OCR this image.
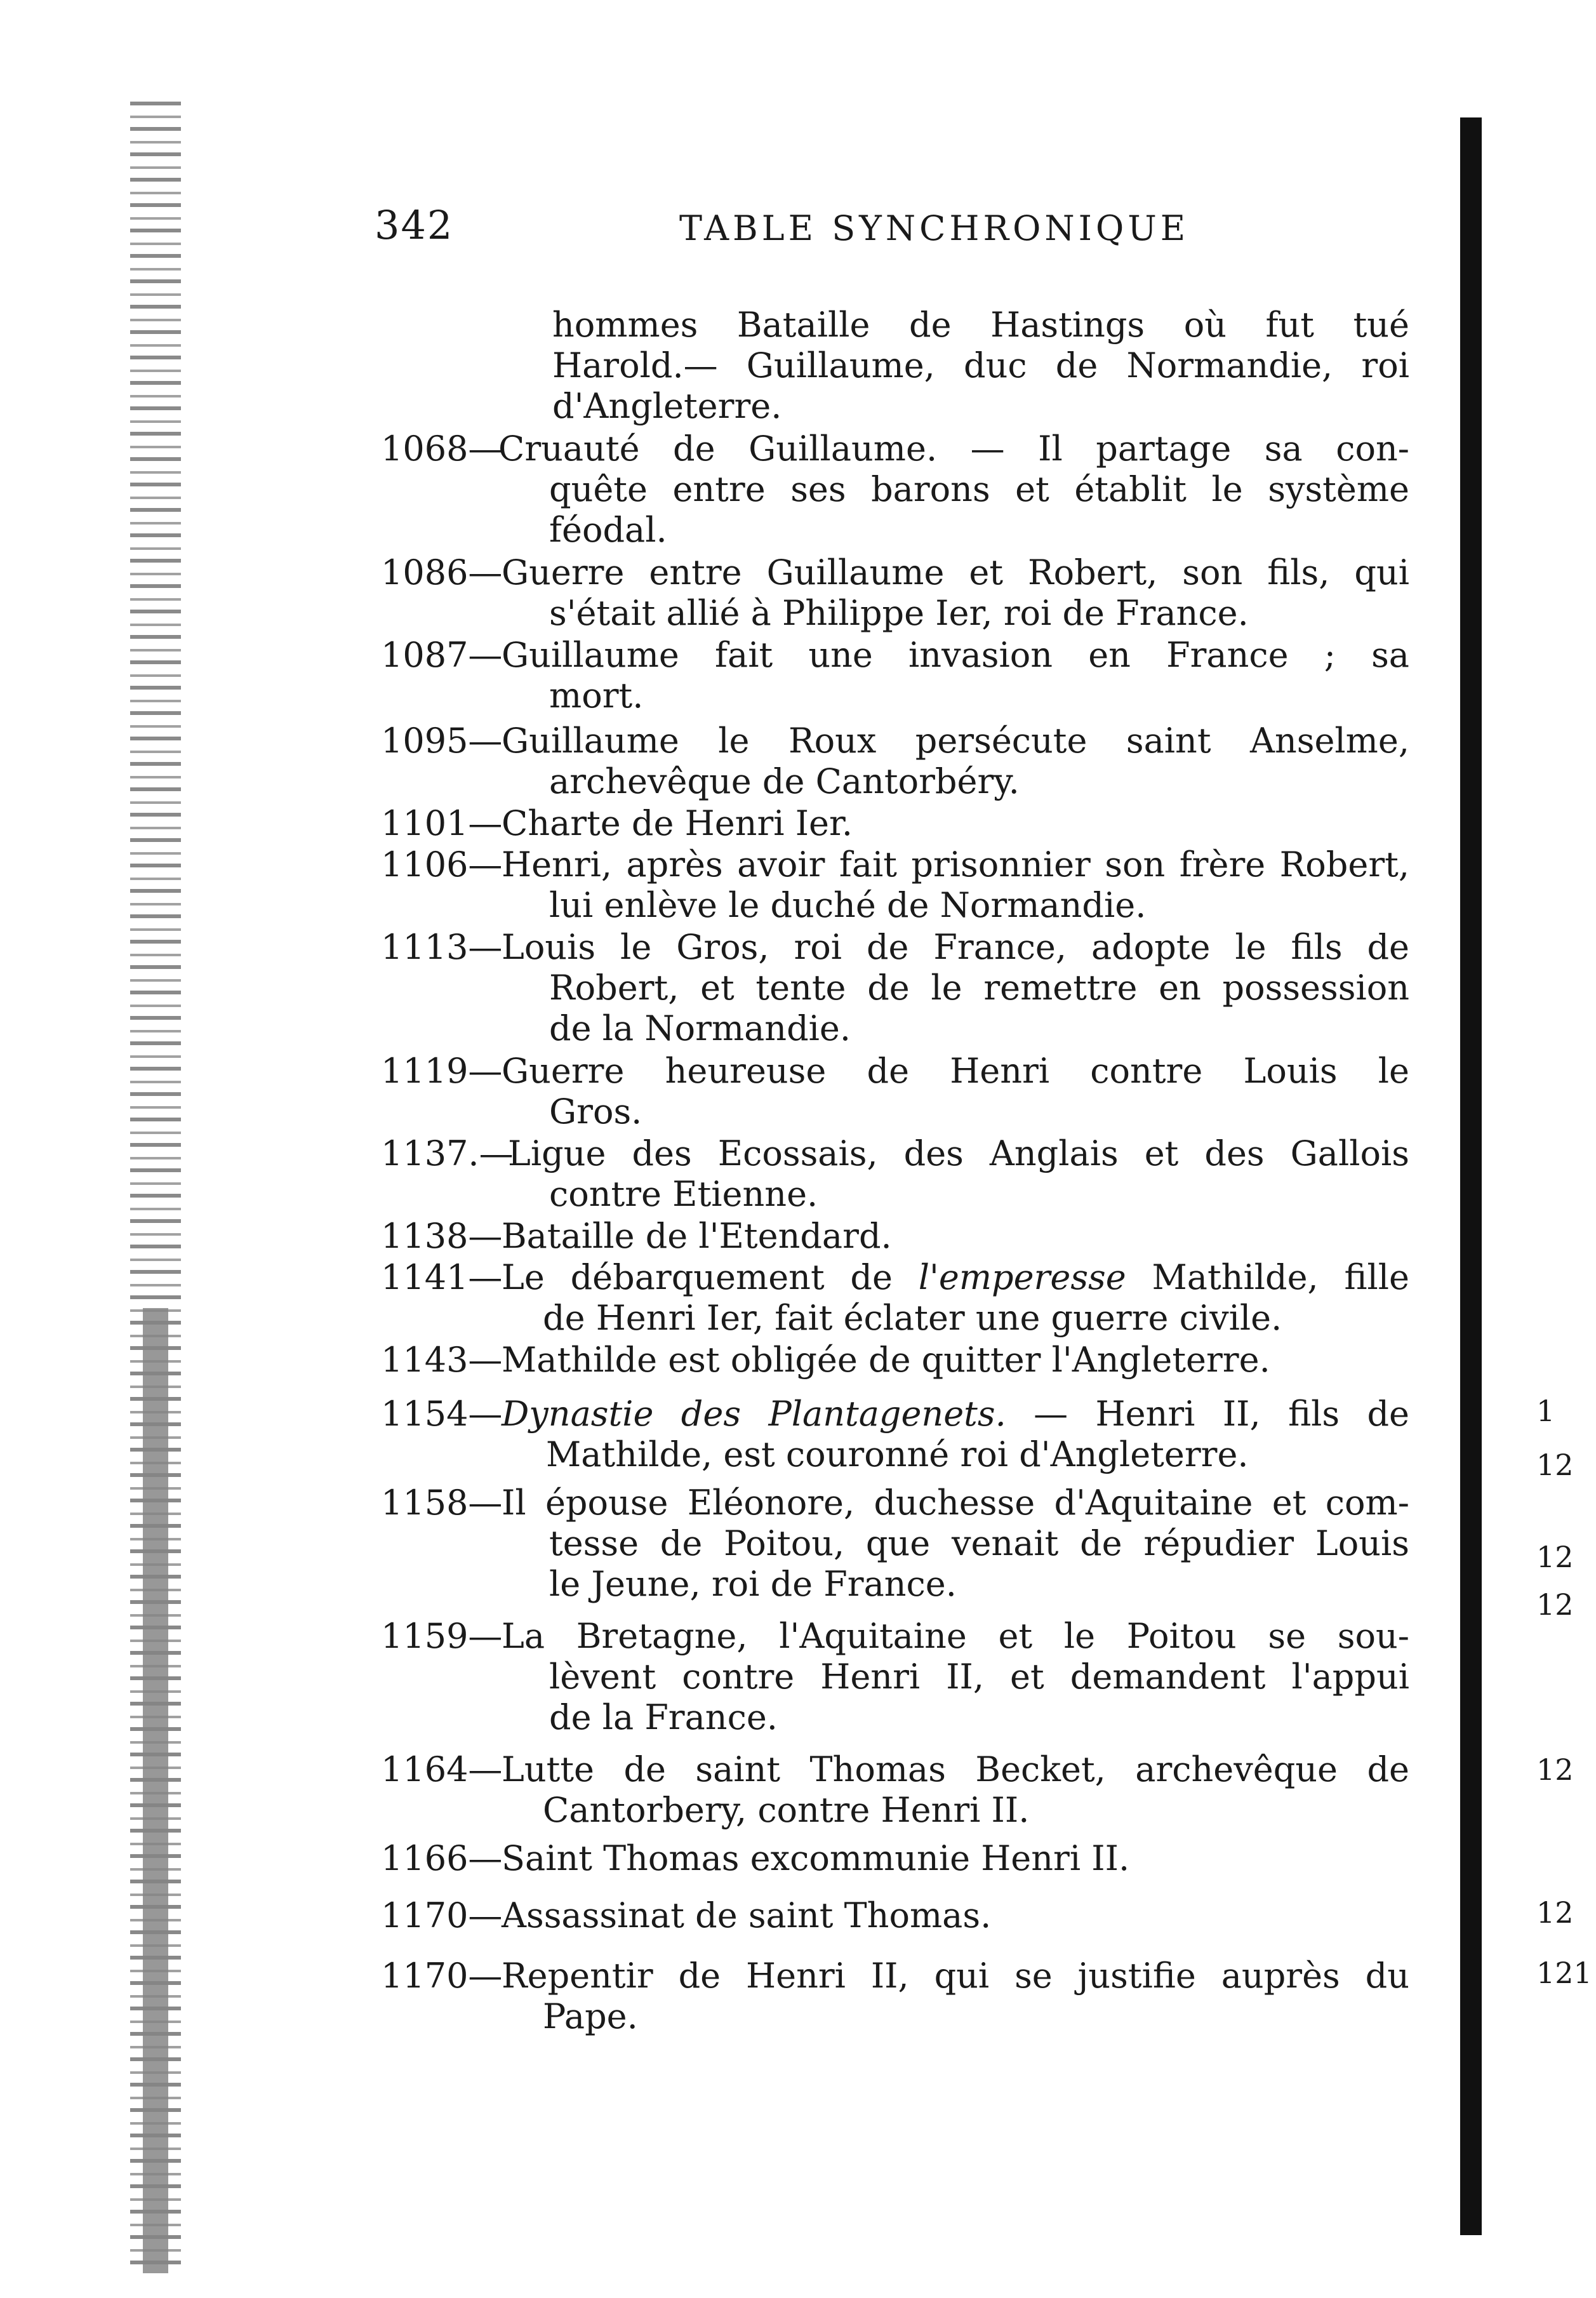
342	TABLE SYNCHRONIQUE
hommes Bataille de Hastings où fut tué
Harold.— Guillaume, duc de Normandie, roi
d'Angleterre.
1068—
Cruauté de Guillaume. — Il partage sa con-
quête entre ses barons et établit le système
féodal.
1086—
Guerre entre Guillaume et Robert, son fils, qui
s'était allié à Philippe Ier, roi de France.
1087—
Guillaume fait une invasion en France ; sa
mort.
1095—
Guillaume le Roux persécute saint Anselme,
archevêque de Cantorbéry.
1101—
Charte de Henri Ier.
1106—
Henri, après avoir fait prisonnier son frère Robert,
lui enlève le duché de Normandie.
1113—
Louis le Gros, roi de France, adopte le fils de
Robert, et tente de le remettre en possession
de la Normandie.
1119—
Guerre heureuse de Henri contre Louis le
Gros.
1137.—
Ligue des Ecossais, des Anglais et des Gallois
contre Etienne.
1138—
Bataille de l'Etendard.
1141—
Le débarquement de l'emperesse Mathilde, fille
de Henri Ier, fait éclater une guerre civile.
1143—
Mathilde est obligée de quitter l'Angleterre.
1154—
Dynastie des Plantagenets. — Henri II, fils de
Mathilde, est couronné roi d'Angleterre.
1158—
Il épouse Eléonore, duchesse d'Aquitaine et com-
tesse de Poitou, que venait de répudier Louis
le Jeune, roi de France.
1159—
La Bretagne, l'Aquitaine et le Poitou se sou-
lèvent contre Henri II, et demandent l'appui
de la France.
1164—
Lutte de saint Thomas Becket, archevêque de
Cantorbery, contre Henri II.
1166—
Saint Thomas excommunie Henri II.
1170—
Assassinat de saint Thomas.
1170—
Repentir de Henri II, qui se justifie auprès du
Pape.
1
12
12
12
12
12
121
